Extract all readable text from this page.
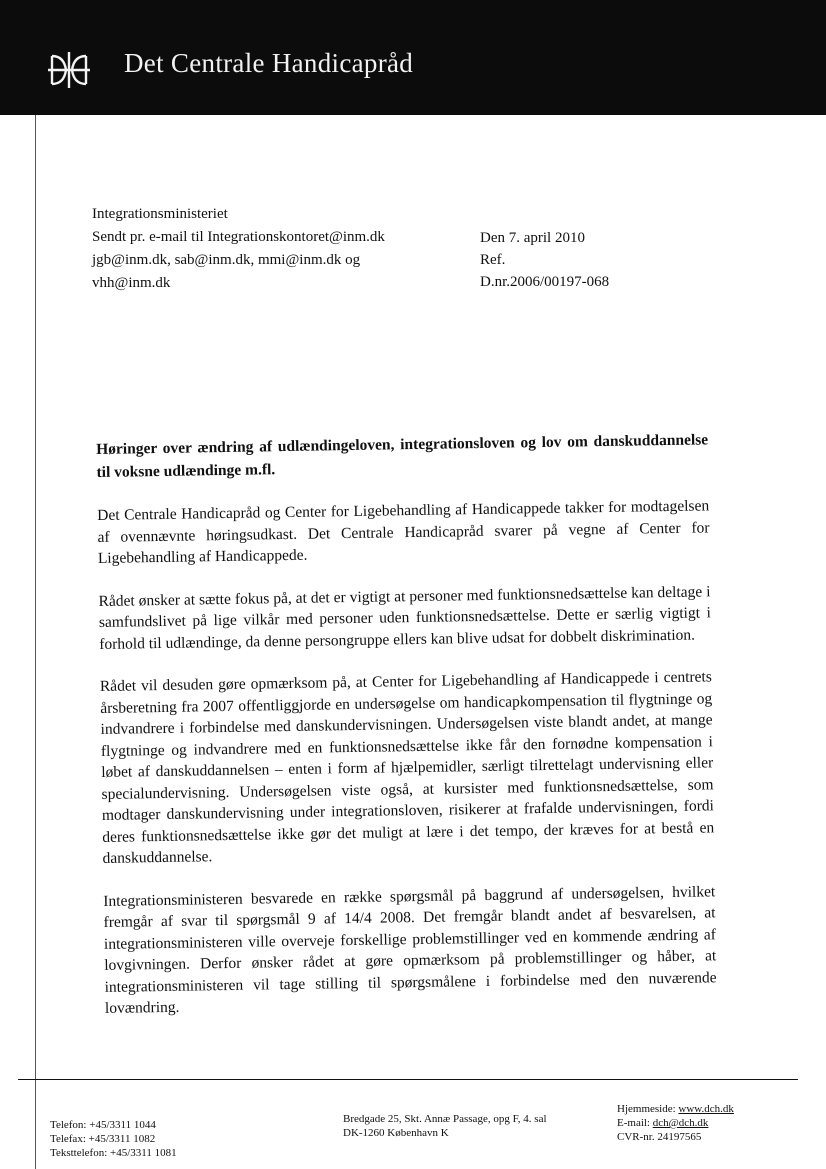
Det Centrale Handicapråd
Integrationsministeriet
Sendt pr. e-mail til Integrationskontoret@inm.dk
jgb@inm.dk, sab@inm.dk, mmi@inm.dk og
vhh@inm.dk
Den 7. april 2010
Ref.
D.nr.2006/00197-068
Høringer over ændring af udlændingeloven, integrationsloven og lov om danskuddannelse til voksne udlændinge m.fl.
Det Centrale Handicapråd og Center for Ligebehandling af Handicappede takker for modtagelsen af ovennævnte høringsudkast. Det Centrale Handicapråd svarer på vegne af Center for Ligebehandling af Handicappede.
Rådet ønsker at sætte fokus på, at det er vigtigt at personer med funktionsnedsættelse kan deltage i samfundslivet på lige vilkår med personer uden funktionsnedsættelse. Dette er særlig vigtigt i forhold til udlændinge, da denne persongruppe ellers kan blive udsat for dobbelt diskrimination.
Rådet vil desuden gøre opmærksom på, at Center for Ligebehandling af Handicappede i centrets årsberetning fra 2007 offentliggjorde en undersøgelse om handicapkompensation til flygtninge og indvandrere i forbindelse med danskundervisningen. Undersøgelsen viste blandt andet, at mange flygtninge og indvandrere med en funktionsnedsættelse ikke får den fornødne kompensation i løbet af danskuddannelsen – enten i form af hjælpemidler, særligt tilrettelagt undervisning eller specialundervisning. Undersøgelsen viste også, at kursister med funktionsnedsættelse, som modtager danskundervisning under integrationsloven, risikerer at frafalde undervisningen, fordi deres funktionsnedsættelse ikke gør det muligt at lære i det tempo, der kræves for at bestå en danskuddannelse.
Integrationsministeren besvarede en række spørgsmål på baggrund af undersøgelsen, hvilket fremgår af svar til spørgsmål 9 af 14/4 2008. Det fremgår blandt andet af besvarelsen, at integrationsministeren ville overveje forskellige problemstillinger ved en kommende ændring af lovgivningen. Derfor ønsker rådet at gøre opmærksom på problemstillinger og håber, at integrationsministeren vil tage stilling til spørgsmålene i forbindelse med den nuværende lovændring.
Telefon: +45/3311 1044
Telefax: +45/3311 1082
Teksttelefon: +45/3311 1081
Bredgade 25, Skt. Annæ Passage, opg F, 4. sal
DK-1260 København K
Hjemmeside: www.dch.dk
E-mail: dch@dch.dk
CVR-nr. 24197565
